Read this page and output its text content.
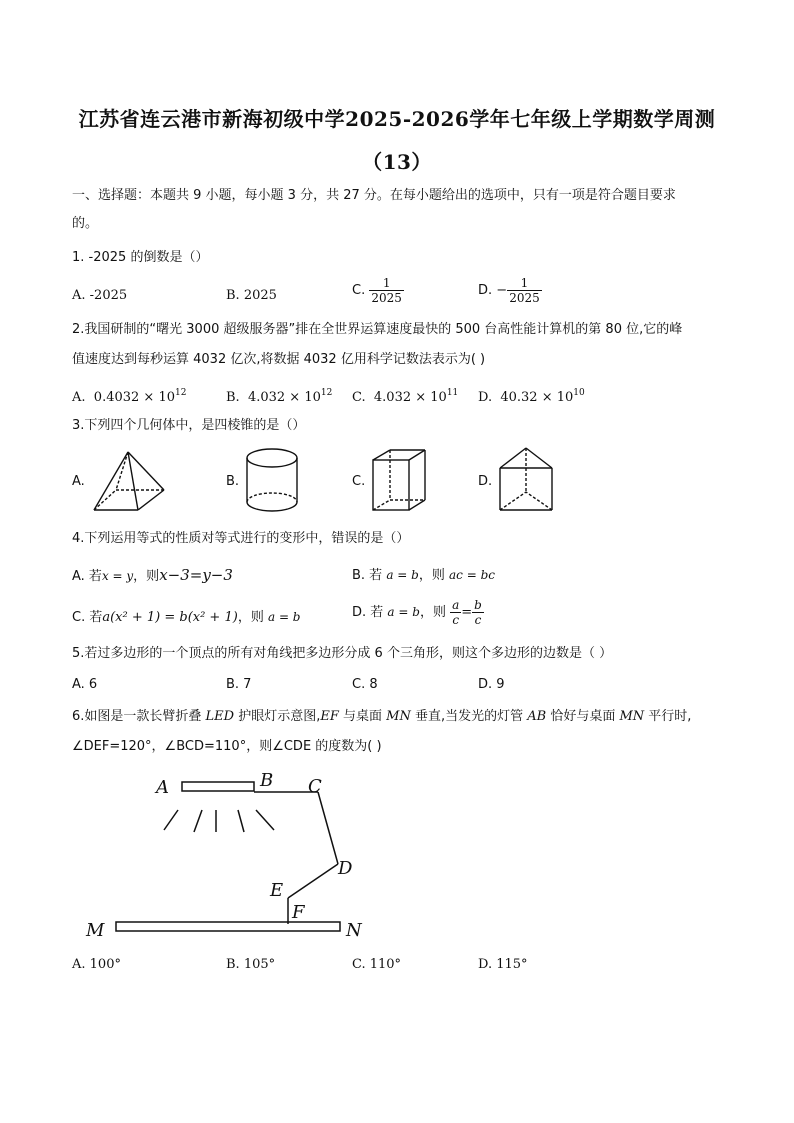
江苏省连云港市新海初级中学2025-2026学年七年级上学期数学周测
（13）
一、选择题：本题共 9 小题，每小题 3 分，共 27 分。在每小题给出的选项中，只有一项是符合题目要求
的。
1. -2025 的倒数是（）
A. -2025	B. 2025	C. $\frac{1}{2025}$	D. − $\frac{1}{2025}$
2.我国研制的“曙光 3000 超级服务器”排在全世界运算速度最快的 500 台高性能计算机的第 80 位,它的峰
值速度达到每秒运算 4032 亿次,将数据 4032 亿用科学记数法表示为( )
A. $0.4032 \times 10^{12}$	B. $4.032 \times 10^{12}$ C. $4.032 \times 10^{11}$ D. $40.32 \times 10^{10}$
3.下列四个几何体中，是四棱锥的是（）
A.	B.	C.	D.
4.下列运用等式的性质对等式进行的变形中，错误的是（）
A. 若x = y，则x−3=y−3	B. 若 a = b，则 ac = bc
C. 若a(x² + 1) = b(x² + 1)，则 a = b	D. 若 a = b，则 $\frac{a}{c} = \frac{b}{c}$
5.若过多边形的一个顶点的所有对角线把多边形分成 6 个三角形，则这个多边形的边数是（ ）
A. 6	B. 7	C. 8	D. 9
6.如图是一款长臂折叠 LED 护眼灯示意图,EF 与桌面 MN 垂直,当发光的灯管 AB 恰好与桌面 MN 平行时,
∠DEF=120°，∠BCD=110°，则∠CDE 的度数为( )
A	B C
D
E
F
M	N
A. 100°	B. 105°	C. 110°	D. 115°
